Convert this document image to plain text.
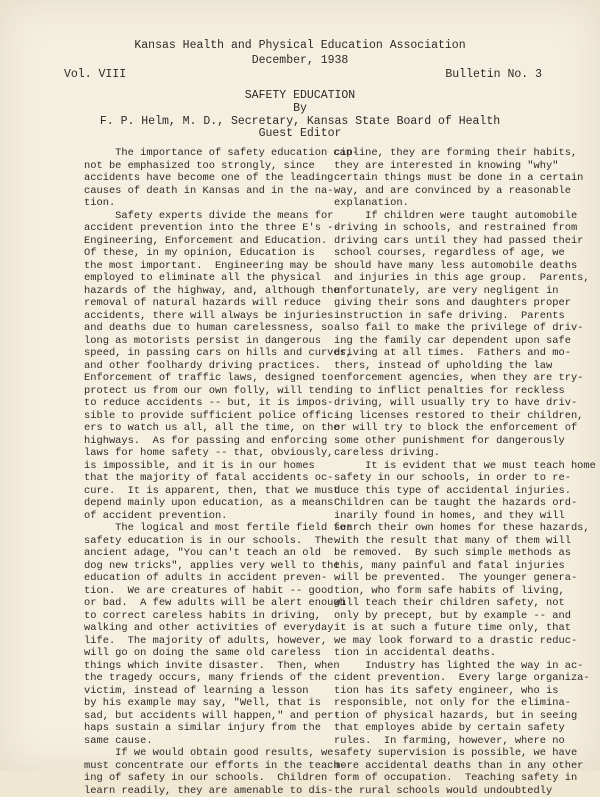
Kansas Health and Physical Education Association
December, 1938
Vol. VIII	Bulletin No. 3
SAFETY EDUCATION
By
F. P. Helm, M. D., Secretary, Kansas State Board of Health
Guest Editor
The importance of safety education can-
not be emphasized too strongly, since
accidents have become one of the leading
causes of death in Kansas and in the na-
tion.
Safety experts divide the means for
accident prevention into the three E's --
Engineering, Enforcement and Education.
Of these, in my opinion, Education is
the most important.  Engineering may be
employed to eliminate all the physical
hazards of the highway, and, although the
removal of natural hazards will reduce
accidents, there will always be injuries
and deaths due to human carelessness, so
long as motorists persist in dangerous
speed, in passing cars on hills and curves,
and other foolhardy driving practices.
Enforcement of traffic laws, designed to
protect us from our own folly, will tend
to reduce accidents -- but, it is impos-
sible to provide sufficient police offic-
ers to watch us all, all the time, on the
highways.  As for passing and enforcing
laws for home safety -- that, obviously,
is impossible, and it is in our homes
that the majority of fatal accidents oc-
cure.  It is apparent, then, that we must
depend mainly upon education, as a means
of accident prevention.
The logical and most fertile field for
safety education is in our schools.  The
ancient adage, "You can't teach an old
dog new tricks", applies very well to the
education of adults in accident preven-
tion.  We are creatures of habit -- good
or bad.  A few adults will be alert enough
to correct careless habits in driving,
walking and other activities of everyday
life.  The majority of adults, however,
will go on doing the same old careless
things which invite disaster.  Then, when
the tragedy occurs, many friends of the
victim, instead of learning a lesson
by his example may say, "Well, that is
sad, but accidents will happen," and per-
haps sustain a similar injury from the
same cause.
If we would obtain good results, we
must concentrate our efforts in the teach-
ing of safety in our schools.  Children
learn readily, they are amenable to dis-
cipline, they are forming their habits,
they are interested in knowing "why"
certain things must be done in a certain
way, and are convinced by a reasonable
explanation.
If children were taught automobile
driving in schools, and restrained from
driving cars until they had passed their
school courses, regardless of age, we
should have many less automobile deaths
and injuries in this age group.  Parents,
unfortunately, are very negligent in
giving their sons and daughters proper
instruction in safe driving.  Parents
also fail to make the privilege of driv-
ing the family car dependent upon safe
driving at all times.  Fathers and mo-
thers, instead of upholding the law
enforcement agencies, when they are try-
ing to inflict penalties for reckless
driving, will usually try to have driv-
ing licenses restored to their children,
or will try to block the enforcement of
some other punishment for dangerously
careless driving.
It is evident that we must teach home
safety in our schools, in order to re-
duce this type of accidental injuries.
Children can be taught the hazards ord-
inarily found in homes, and they will
search their own homes for these hazards,
with the result that many of them will
be removed.  By such simple methods as
this, many painful and fatal injuries
will be prevented.  The younger genera-
tion, who form safe habits of living,
will teach their children safety, not
only by precept, but by example -- and
it is at such a future time only, that
we may look forward to a drastic reduc-
tion in accidental deaths.
Industry has lighted the way in ac-
cident prevention.  Every large organiza-
tion has its safety engineer, who is
responsible, not only for the elimina-
tion of physical hazards, but in seeing
that employes abide by certain safety
rules.  In farming, however, where no
safety supervision is possible, we have
more accidental deaths than in any other
form of occupation.  Teaching safety in
the rural schools would undoubtedly
